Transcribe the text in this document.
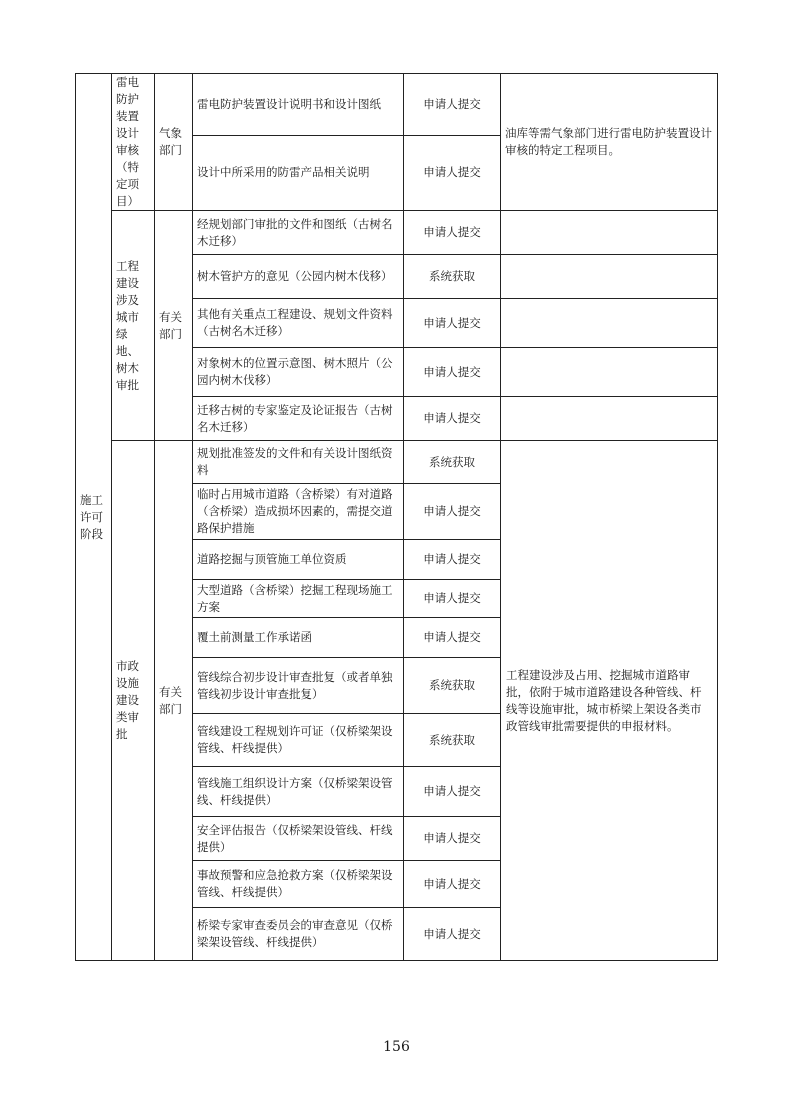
施工许可阶段	雷电防护装置设计审核（特定项目）	气象部门	雷电防护装置设计说明书和设计图纸	申请人提交	油库等需气象部门进行雷电防护装置设计审核的特定工程项目。
			设计中所采用的防雷产品相关说明	申请人提交	
	工程建设涉及城市绿地、树木审批	有关部门	经规划部门审批的文件和图纸（古树名木迁移）	申请人提交	
			树木管护方的意见（公园内树木伐移）	系统获取	
			其他有关重点工程建设、规划文件资料（古树名木迁移）	申请人提交	
			对象树木的位置示意图、树木照片（公园内树木伐移）	申请人提交	
			迁移古树的专家鉴定及论证报告（古树名木迁移）	申请人提交	
	市政设施建设类审批	有关部门	规划批准签发的文件和有关设计图纸资料	系统获取	工程建设涉及占用、挖掘城市道路审批，依附于城市道路建设各种管线、杆线等设施审批，城市桥梁上架设各类市政管线审批需要提供的申报材料。
			临时占用城市道路（含桥梁）有对道路（含桥梁）造成损坏因素的，需提交道路保护措施	申请人提交	
			道路挖掘与顶管施工单位资质	申请人提交	
			大型道路（含桥梁）挖掘工程现场施工方案	申请人提交	
			覆土前测量工作承诺函	申请人提交	
			管线综合初步设计审查批复（或者单独管线初步设计审查批复）	系统获取	
			管线建设工程规划许可证（仅桥梁架设管线、杆线提供）	系统获取	
			管线施工组织设计方案（仅桥梁架设管线、杆线提供）	申请人提交	
			安全评估报告（仅桥梁架设管线、杆线提供）	申请人提交	
			事故预警和应急抢救方案（仅桥梁架设管线、杆线提供）	申请人提交	
			桥梁专家审查委员会的审查意见（仅桥梁架设管线、杆线提供）	申请人提交	
156
